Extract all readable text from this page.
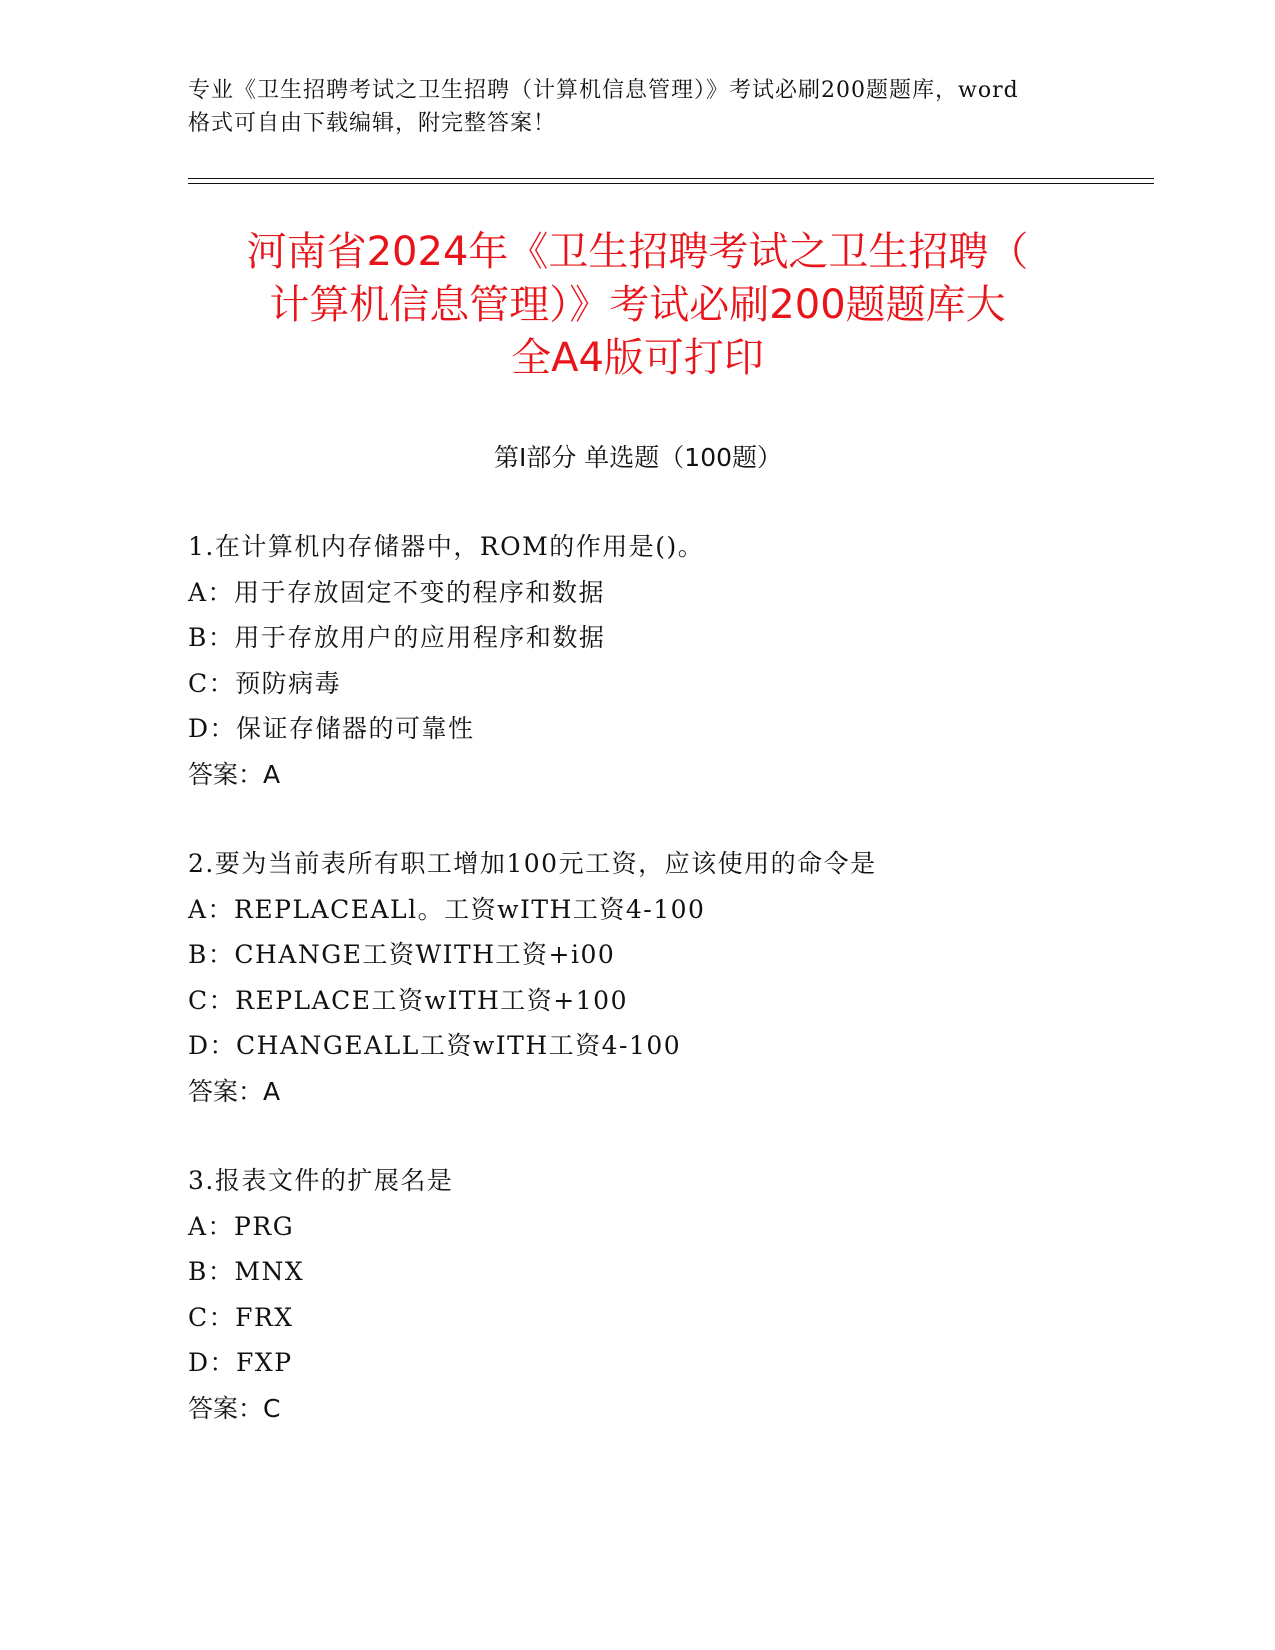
专业《卫生招聘考试之卫生招聘（计算机信息管理）》考试必刷200题题库，word
格式可自由下载编辑，附完整答案！
河南省2024年《卫生招聘考试之卫生招聘（
计算机信息管理）》考试必刷200题题库大
全A4版可打印
第Ⅰ部分 单选题（100题）
1.在计算机内存储器中，ROM的作用是()。
A：用于存放固定不变的程序和数据
B：用于存放用户的应用程序和数据
C：预防病毒
D：保证存储器的可靠性
答案：A
2.要为当前表所有职工增加100元工资，应该使用的命令是
A：REPLACEALl。工资wITH工资4-100
B：CHANGE工资WITH工资+i00
C：REPLACE工资wITH工资+100
D：CHANGEALL工资wITH工资4-100
答案：A
3.报表文件的扩展名是
A：PRG
B：MNX
C：FRX
D：FXP
答案：C
